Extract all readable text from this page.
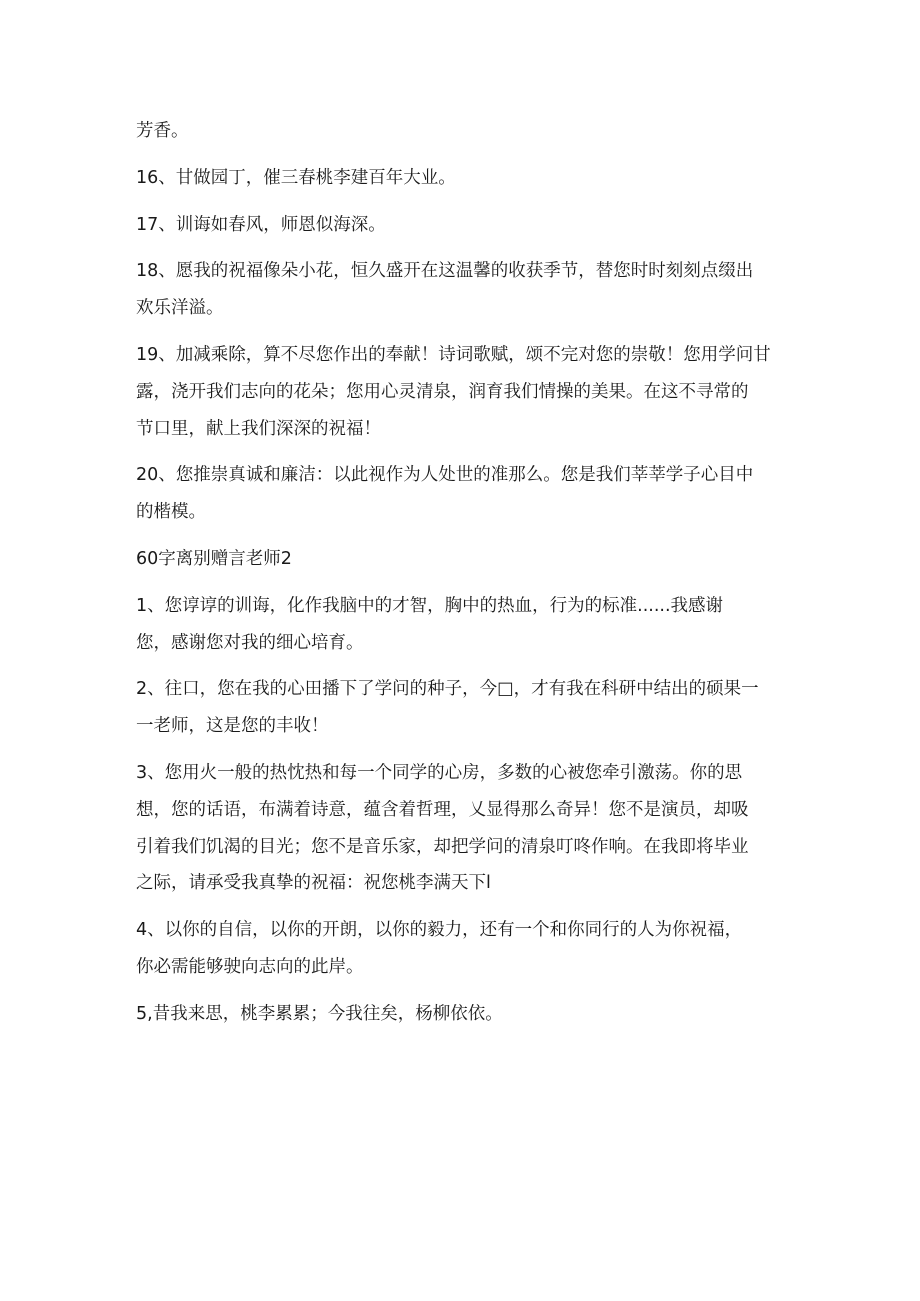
芳香。

16、甘做园丁，催三春桃李建百年大业。

17、训诲如春风，师恩似海深。

18、愿我的祝福像朵小花，恒久盛开在这温馨的收获季节，替您时时刻刻点缀出

欢乐洋溢。

19、加减乘除，算不尽您作出的奉献！诗词歌赋，颂不完对您的崇敬！您用学问甘

露，浇开我们志向的花朵；您用心灵清泉，润育我们情操的美果。在这不寻常的

节口里，献上我们深深的祝福！

20、您推崇真诚和廉洁：以此视作为人处世的准那么。您是我们莘莘学子心目中

的楷模。

60字离别赠言老师2

1、您谆谆的训诲，化作我脑中的才智，胸中的热血，行为的标准......我感谢

您，感谢您对我的细心培育。

2、往口，您在我的心田播下了学问的种子，今□，才有我在科研中结出的硕果一

一老师，这是您的丰收！

3、您用火一般的热忱热和每一个同学的心房，多数的心被您牵引激荡。你的思

想，您的话语，布满着诗意，蕴含着哲理，乂显得那么奇异！您不是演员，却吸

引着我们饥渴的目光；您不是音乐家，却把学问的清泉叮咚作响。在我即将毕业

之际，请承受我真挚的祝福：祝您桃李满天下l

4、以你的自信，以你的开朗，以你的毅力，还有一个和你同行的人为你祝福，

你必需能够驶向志向的此岸。

5,昔我来思，桃李累累；今我往矣，杨柳依依。
